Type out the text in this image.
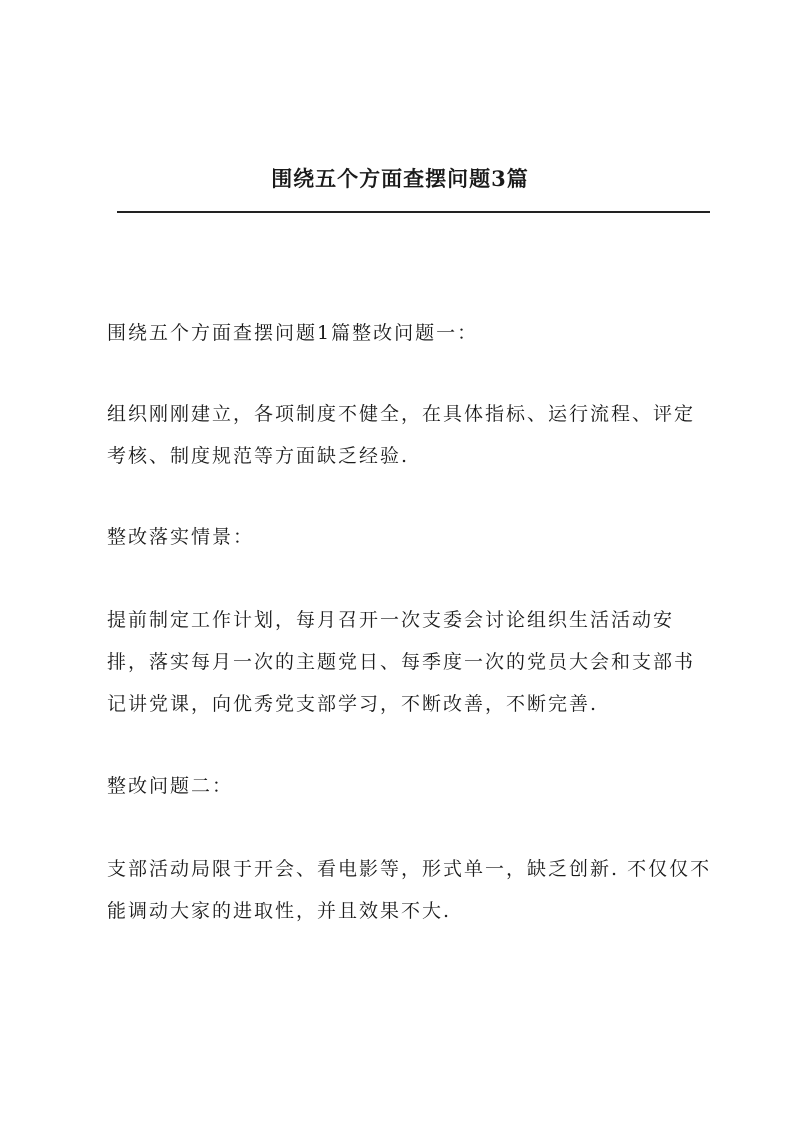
围绕五个方面查摆问题3篇

围绕五个方面查摆问题1篇整改问题一：

组织刚刚建立，各项制度不健全，在具体指标、运行流程、评定考核、制度规范等方面缺乏经验.

整改落实情景：

提前制定工作计划，每月召开一次支委会讨论组织生活活动安排，落实每月一次的主题党日、每季度一次的党员大会和支部书记讲党课，向优秀党支部学习，不断改善，不断完善.

整改问题二：

支部活动局限于开会、看电影等，形式单一，缺乏创新. 不仅仅不能调动大家的进取性，并且效果不大.
